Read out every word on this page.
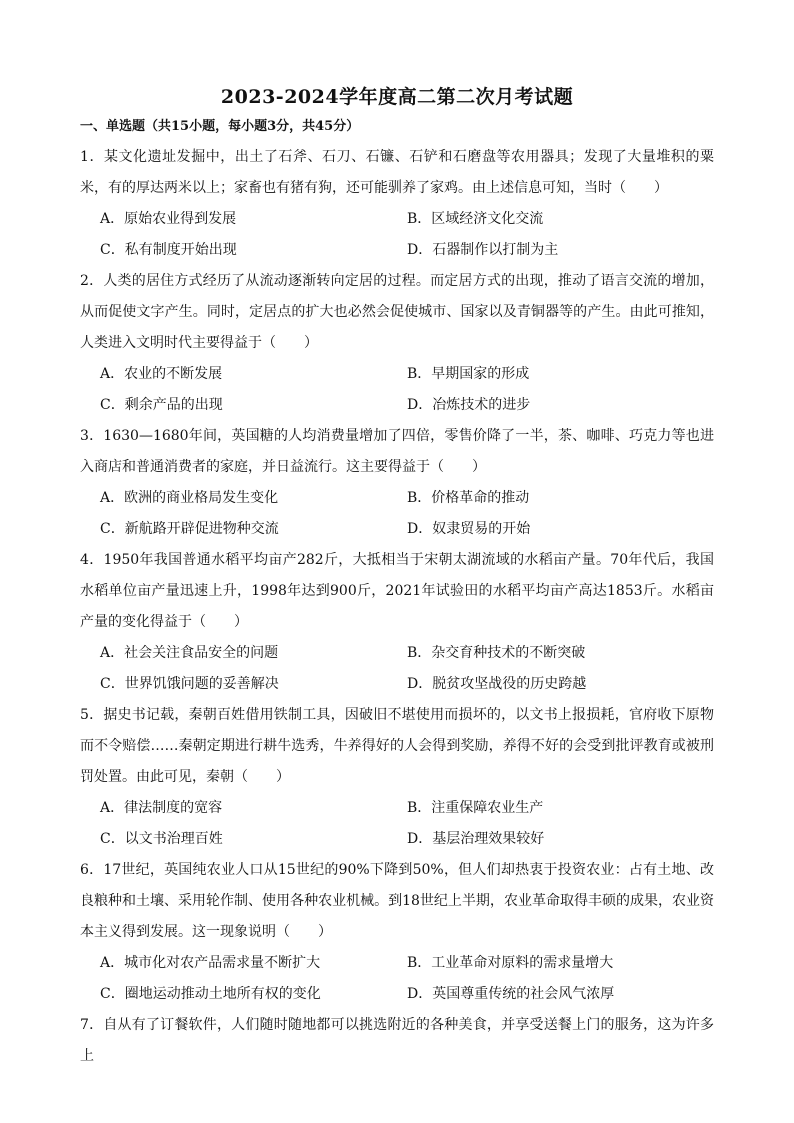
2023-2024学年度高二第二次月考试题
一、单选题（共15小题，每小题3分，共45分）

1．某文化遗址发掘中，出土了石斧、石刀、石镰、石铲和石磨盘等农用器具；发现了大量堆积的粟米，有的厚达两米以上；家畜也有猪有狗，还可能驯养了家鸡。由上述信息可知，当时（　　）

A．原始农业得到发展	B．区域经济文化交流
C．私有制度开始出现	D．石器制作以打制为主

2．人类的居住方式经历了从流动逐渐转向定居的过程。而定居方式的出现，推动了语言交流的增加，从而促使文字产生。同时，定居点的扩大也必然会促使城市、国家以及青铜器等的产生。由此可推知，人类进入文明时代主要得益于（　　）

A．农业的不断发展	B．早期国家的形成
C．剩余产品的出现	D．冶炼技术的进步

3．1630—1680年间，英国糖的人均消费量增加了四倍，零售价降了一半，茶、咖啡、巧克力等也进入商店和普通消费者的家庭，并日益流行。这主要得益于（　　）

A．欧洲的商业格局发生变化	B．价格革命的推动
C．新航路开辟促进物种交流	D．奴隶贸易的开始

4．1950年我国普通水稻平均亩产282斤，大抵相当于宋朝太湖流域的水稻亩产量。70年代后，我国水稻单位亩产量迅速上升，1998年达到900斤，2021年试验田的水稻平均亩产高达1853斤。水稻亩产量的变化得益于（　　）

A．社会关注食品安全的问题	B．杂交育种技术的不断突破
C．世界饥饿问题的妥善解决	D．脱贫攻坚战役的历史跨越

5．据史书记载，秦朝百姓借用铁制工具，因破旧不堪使用而损坏的，以文书上报损耗，官府收下原物而不令赔偿……秦朝定期进行耕牛选秀，牛养得好的人会得到奖励，养得不好的会受到批评教育或被刑罚处置。由此可见，秦朝（　　）

A．律法制度的宽容	B．注重保障农业生产
C．以文书治理百姓	D．基层治理效果较好

6．17世纪，英国纯农业人口从15世纪的90%下降到50%，但人们却热衷于投资农业：占有土地、改良粮种和土壤、采用轮作制、使用各种农业机械。到18世纪上半期，农业革命取得丰硕的成果，农业资本主义得到发展。这一现象说明（　　）

A．城市化对农产品需求量不断扩大	B．工业革命对原料的需求量增大
C．圈地运动推动土地所有权的变化	D．英国尊重传统的社会风气浓厚

7．自从有了订餐软件，人们随时随地都可以挑选附近的各种美食，并享受送餐上门的服务，这为许多上
